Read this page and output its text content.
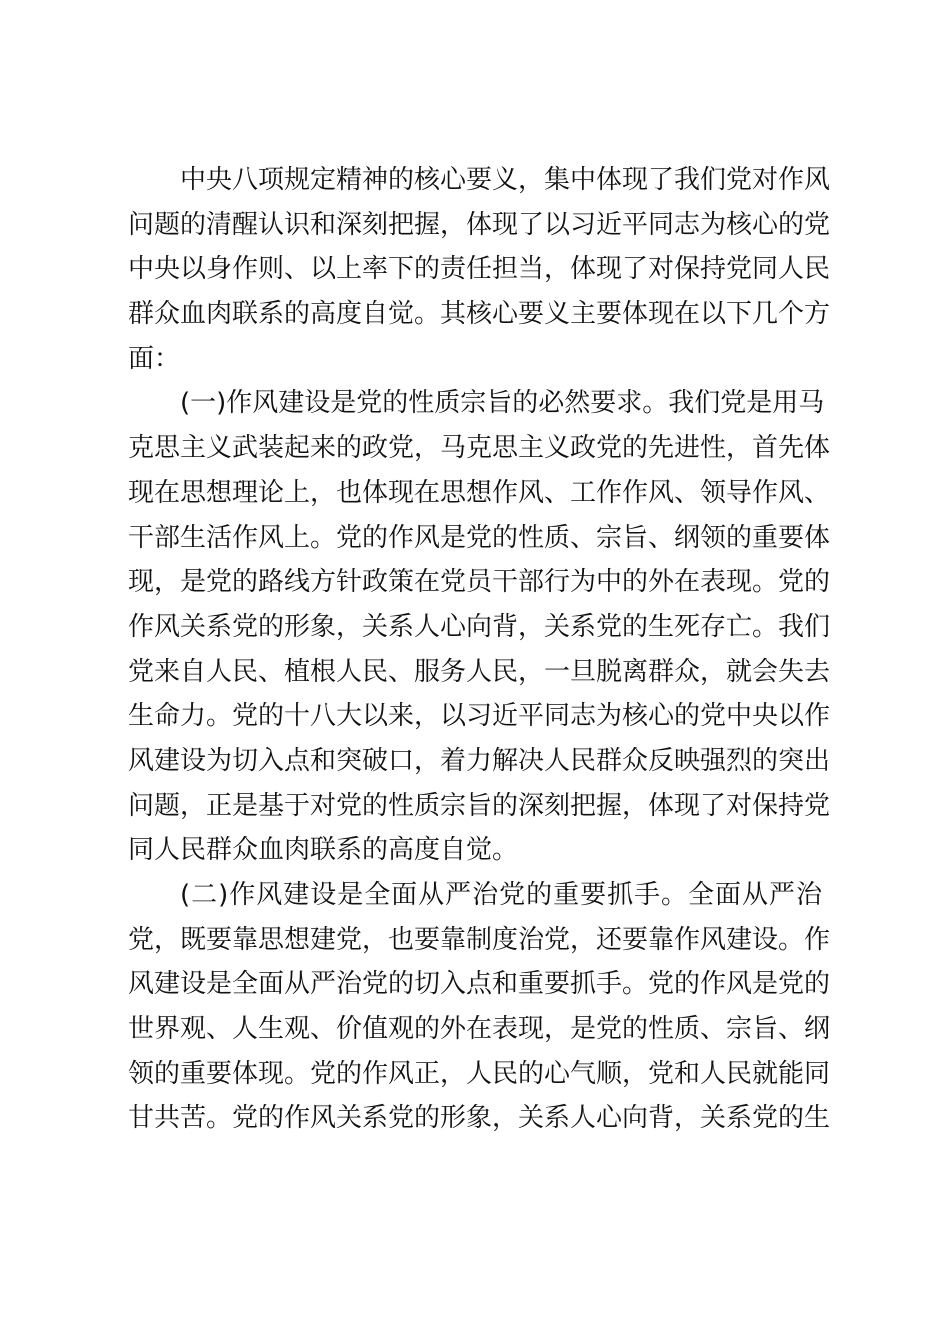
中央八项规定精神的核心要义，集中体现了我们党对作风
问题的清醒认识和深刻把握，体现了以习近平同志为核心的党
中央以身作则、以上率下的责任担当，体现了对保持党同人民
群众血肉联系的高度自觉。其核心要义主要体现在以下几个方
面：
(一)作风建设是党的性质宗旨的必然要求。我们党是用马
克思主义武装起来的政党，马克思主义政党的先进性，首先体
现在思想理论上，也体现在思想作风、工作作风、领导作风、
干部生活作风上。党的作风是党的性质、宗旨、纲领的重要体
现，是党的路线方针政策在党员干部行为中的外在表现。党的
作风关系党的形象，关系人心向背，关系党的生死存亡。我们
党来自人民、植根人民、服务人民，一旦脱离群众，就会失去
生命力。党的十八大以来，以习近平同志为核心的党中央以作
风建设为切入点和突破口，着力解决人民群众反映强烈的突出
问题，正是基于对党的性质宗旨的深刻把握，体现了对保持党
同人民群众血肉联系的高度自觉。
(二)作风建设是全面从严治党的重要抓手。全面从严治
党，既要靠思想建党，也要靠制度治党，还要靠作风建设。作
风建设是全面从严治党的切入点和重要抓手。党的作风是党的
世界观、人生观、价值观的外在表现，是党的性质、宗旨、纲
领的重要体现。党的作风正，人民的心气顺，党和人民就能同
甘共苦。党的作风关系党的形象，关系人心向背，关系党的生
